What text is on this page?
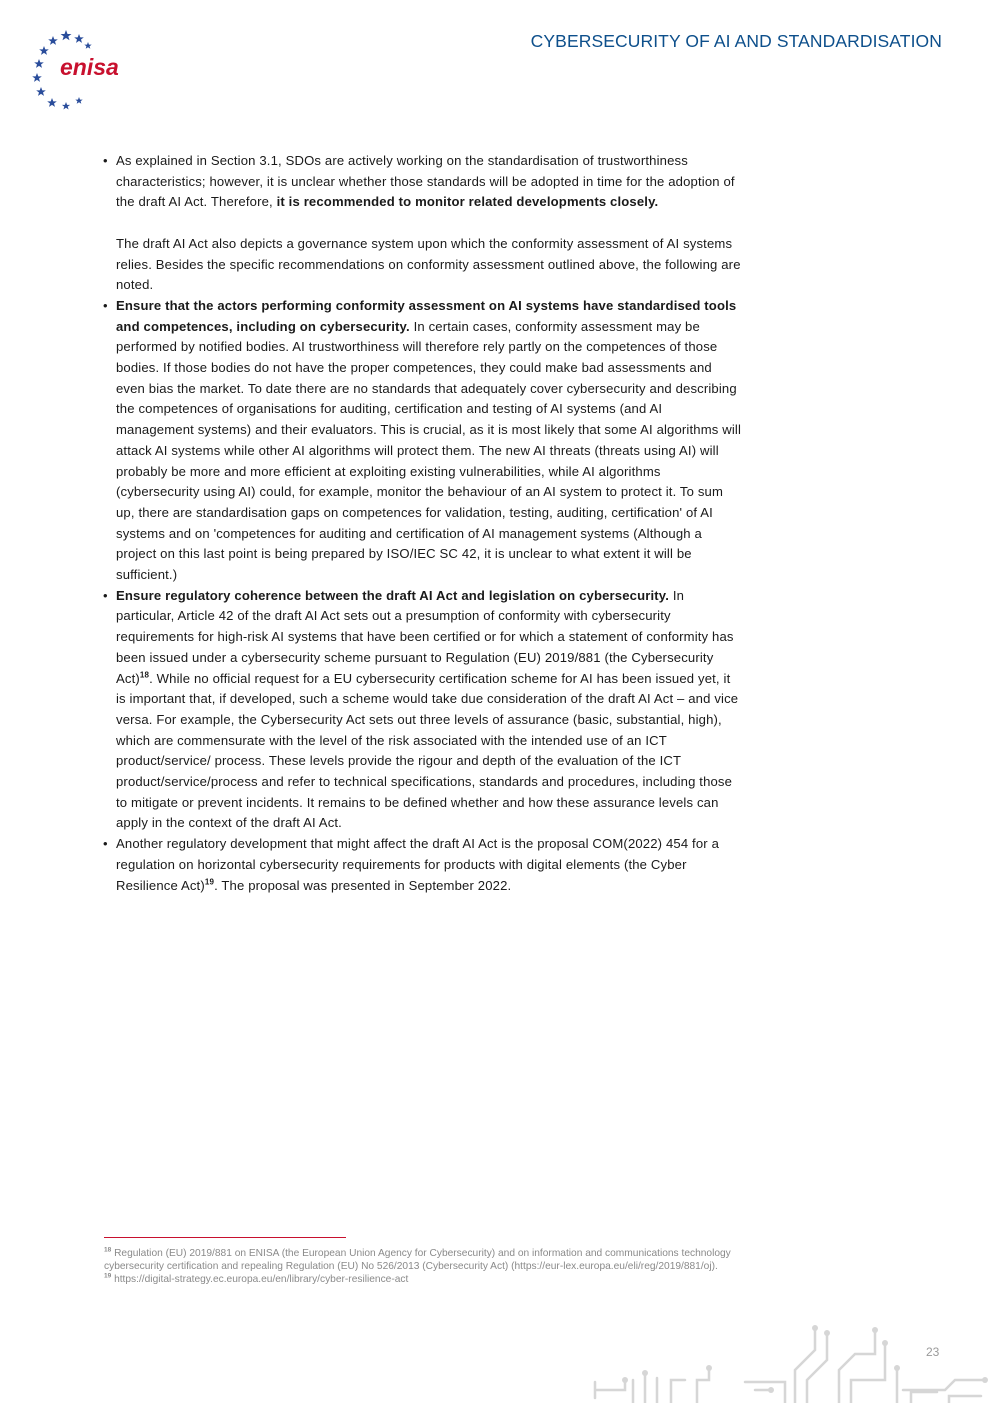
enisa
CYBERSECURITY OF AI AND STANDARDISATION

• As explained in Section 3.1, SDOs are actively working on the standardisation of trustworthiness characteristics; however, it is unclear whether those standards will be adopted in time for the adoption of the draft AI Act. Therefore, it is recommended to monitor related developments closely.

The draft AI Act also depicts a governance system upon which the conformity assessment of AI systems relies. Besides the specific recommendations on conformity assessment outlined above, the following are noted.

• Ensure that the actors performing conformity assessment on AI systems have standardised tools and competences, including on cybersecurity. In certain cases, conformity assessment may be performed by notified bodies. AI trustworthiness will therefore rely partly on the competences of those bodies. If those bodies do not have the proper competences, they could make bad assessments and even bias the market. To date there are no standards that adequately cover cybersecurity and describing the competences of organisations for auditing, certification and testing of AI systems (and AI management systems) and their evaluators. This is crucial, as it is most likely that some AI algorithms will attack AI systems while other AI algorithms will protect them. The new AI threats (threats using AI) will probably be more and more efficient at exploiting existing vulnerabilities, while AI algorithms (cybersecurity using AI) could, for example, monitor the behaviour of an AI system to protect it. To sum up, there are standardisation gaps on competences for validation, testing, auditing, certification' of AI systems and on 'competences for auditing and certification of AI management systems (Although a project on this last point is being prepared by ISO/IEC SC 42, it is unclear to what extent it will be sufficient.)

• Ensure regulatory coherence between the draft AI Act and legislation on cybersecurity. In particular, Article 42 of the draft AI Act sets out a presumption of conformity with cybersecurity requirements for high-risk AI systems that have been certified or for which a statement of conformity has been issued under a cybersecurity scheme pursuant to Regulation (EU) 2019/881 (the Cybersecurity Act)$^{18}$. While no official request for a EU cybersecurity certification scheme for AI has been issued yet, it is important that, if developed, such a scheme would take due consideration of the draft AI Act – and vice versa. For example, the Cybersecurity Act sets out three levels of assurance (basic, substantial, high), which are commensurate with the level of the risk associated with the intended use of an ICT product/service/ process. These levels provide the rigour and depth of the evaluation of the ICT product/service/process and refer to technical specifications, standards and procedures, including those to mitigate or prevent incidents. It remains to be defined whether and how these assurance levels can apply in the context of the draft AI Act.

• Another regulatory development that might affect the draft AI Act is the proposal COM(2022) 454 for a regulation on horizontal cybersecurity requirements for products with digital elements (the Cyber Resilience Act)$^{19}$. The proposal was presented in September 2022.

$^{18}$ Regulation (EU) 2019/881 on ENISA (the European Union Agency for Cybersecurity) and on information and communications technology cybersecurity certification and repealing Regulation (EU) No 526/2013 (Cybersecurity Act) (https://eur-lex.europa.eu/eli/reg/2019/881/oj).
$^{19}$ https://digital-strategy.ec.europa.eu/en/library/cyber-resilience-act
23
